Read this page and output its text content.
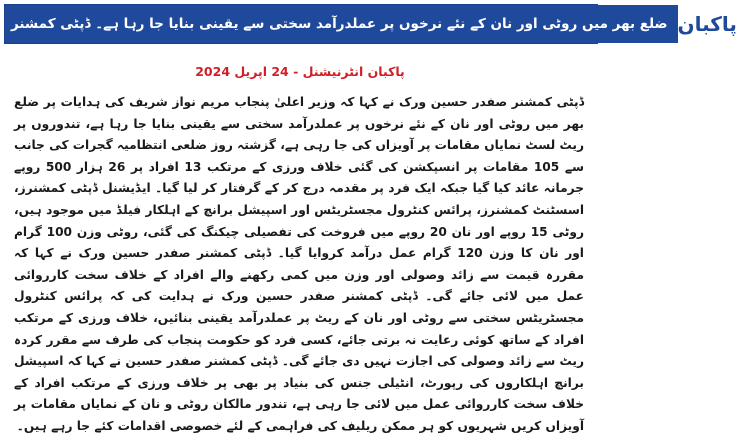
ضلع بھر میں روٹی اور نان کے نئے نرخوں پر عملدرآمد سختی سے یقینی بنایا جا رہا ہے۔ ڈپٹی کمشنر پاکبان
پاکبان انٹرنیشنل - 24 اپریل 2024
ڈپٹی کمشنر صفدر حسین ورک نے کہا کہ وزیر اعلیٰ پنجاب مریم نواز شریف کی ہدایات پر ضلع بھر میں روٹی اور نان کے نئے نرخوں پر عملدرآمد سختی سے یقینی بنایا جا رہا ہے، تندوروں پر ریٹ لسٹ نمایاں مقامات پر آویزاں کی جا رہی ہے، گزشتہ روز ضلعی انتظامیہ گجرات کی جانب سے 105 مقامات پر انسپکشن کی گئی خلاف ورزی کے مرتکب 13 افراد پر 26 ہزار 500 روپے جرمانہ عائد کیا گیا جبکہ ایک فرد پر مقدمہ درج کر کے گرفتار کر لیا گیا۔ ایڈیشنل ڈپٹی کمشنرز، اسسٹنٹ کمشنرز، پرائس کنٹرول مجسٹریٹس اور اسپیشل برانچ کے اہلکار فیلڈ میں موجود ہیں، روٹی 15 روپے اور نان 20 روپے میں فروخت کی تفصیلی چیکنگ کی گئی، روٹی وزن 100 گرام اور نان کا وزن 120 گرام عمل درآمد کروایا گیا۔ ڈپٹی کمشنر صفدر حسین ورک نے کہا کہ مقررہ قیمت سے زائد وصولی اور وزن میں کمی رکھنے والے افراد کے خلاف سخت کارروائی عمل میں لائی جائے گی۔ ڈپٹی کمشنر صفدر حسین ورک نے ہدایت کی کہ پرائس کنٹرول مجسٹریٹس سختی سے روٹی اور نان کے ریٹ پر عملدرآمد یقینی بنائیں، خلاف ورزی کے مرتکب افراد کے ساتھ کوئی رعایت نہ برتی جائے، کسی فرد کو حکومت پنجاب کی طرف سے مقرر کردہ ریٹ سے زائد وصولی کی اجازت نہیں دی جائے گی۔ ڈپٹی کمشنر صفدر حسین نے کہا کہ اسپیشل برانچ اہلکاروں کی رپورٹ، انٹیلی جنس کی بنیاد پر بھی پر خلاف ورزی کے مرتکب افراد کے خلاف سخت کارروائی عمل میں لائی جا رہی ہے، تندور مالکان روٹی و نان کے نمایاں مقامات پر آویزاں کریں شہریوں کو ہر ممکن ریلیف کی فراہمی کے لئے خصوصی اقدامات کئے جا رہے ہیں۔
